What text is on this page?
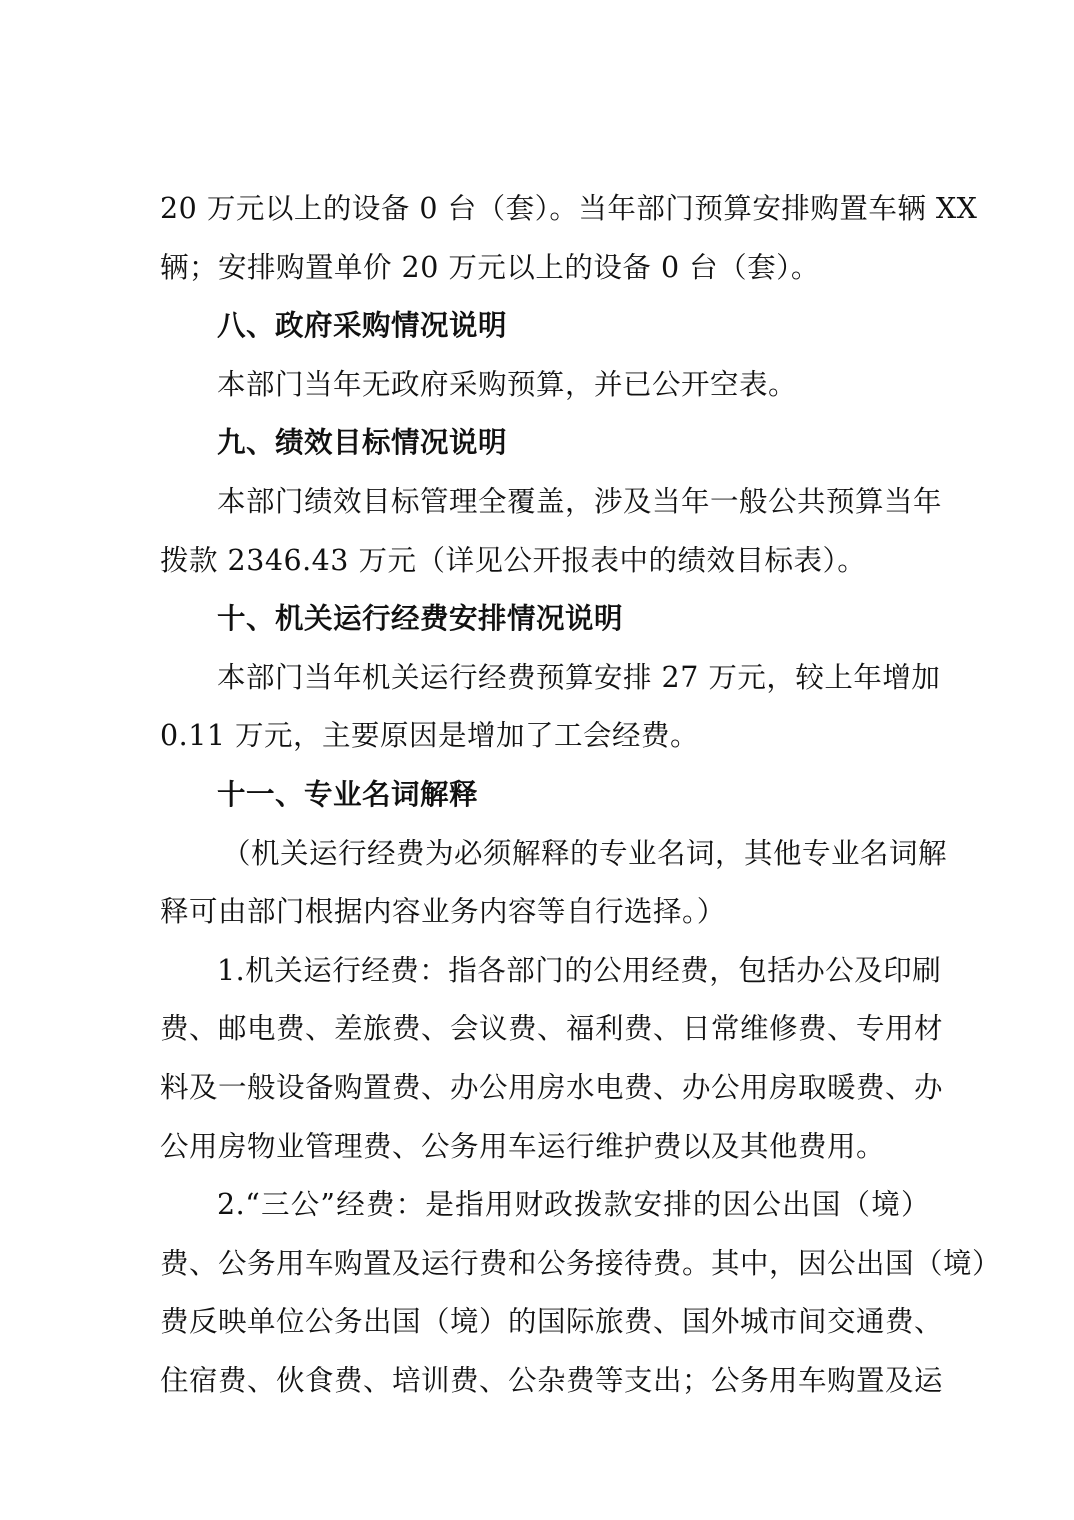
20 万元以上的设备 0 台（套）。当年部门预算安排购置车辆 XX
辆；安排购置单价 20 万元以上的设备 0 台（套）。
八、政府采购情况说明
本部门当年无政府采购预算，并已公开空表。
九、绩效目标情况说明
本部门绩效目标管理全覆盖，涉及当年一般公共预算当年
拨款 2346.43 万元（详见公开报表中的绩效目标表）。
十、机关运行经费安排情况说明
本部门当年机关运行经费预算安排 27 万元，较上年增加
0.11 万元，主要原因是增加了工会经费。
十一、专业名词解释
（机关运行经费为必须解释的专业名词，其他专业名词解
释可由部门根据内容业务内容等自行选择。）
1.机关运行经费：指各部门的公用经费，包括办公及印刷
费、邮电费、差旅费、会议费、福利费、日常维修费、专用材
料及一般设备购置费、办公用房水电费、办公用房取暖费、办
公用房物业管理费、公务用车运行维护费以及其他费用。
2.“三公”经费：是指用财政拨款安排的因公出国（境）
费、公务用车购置及运行费和公务接待费。其中，因公出国（境）
费反映单位公务出国（境）的国际旅费、国外城市间交通费、
住宿费、伙食费、培训费、公杂费等支出；公务用车购置及运
